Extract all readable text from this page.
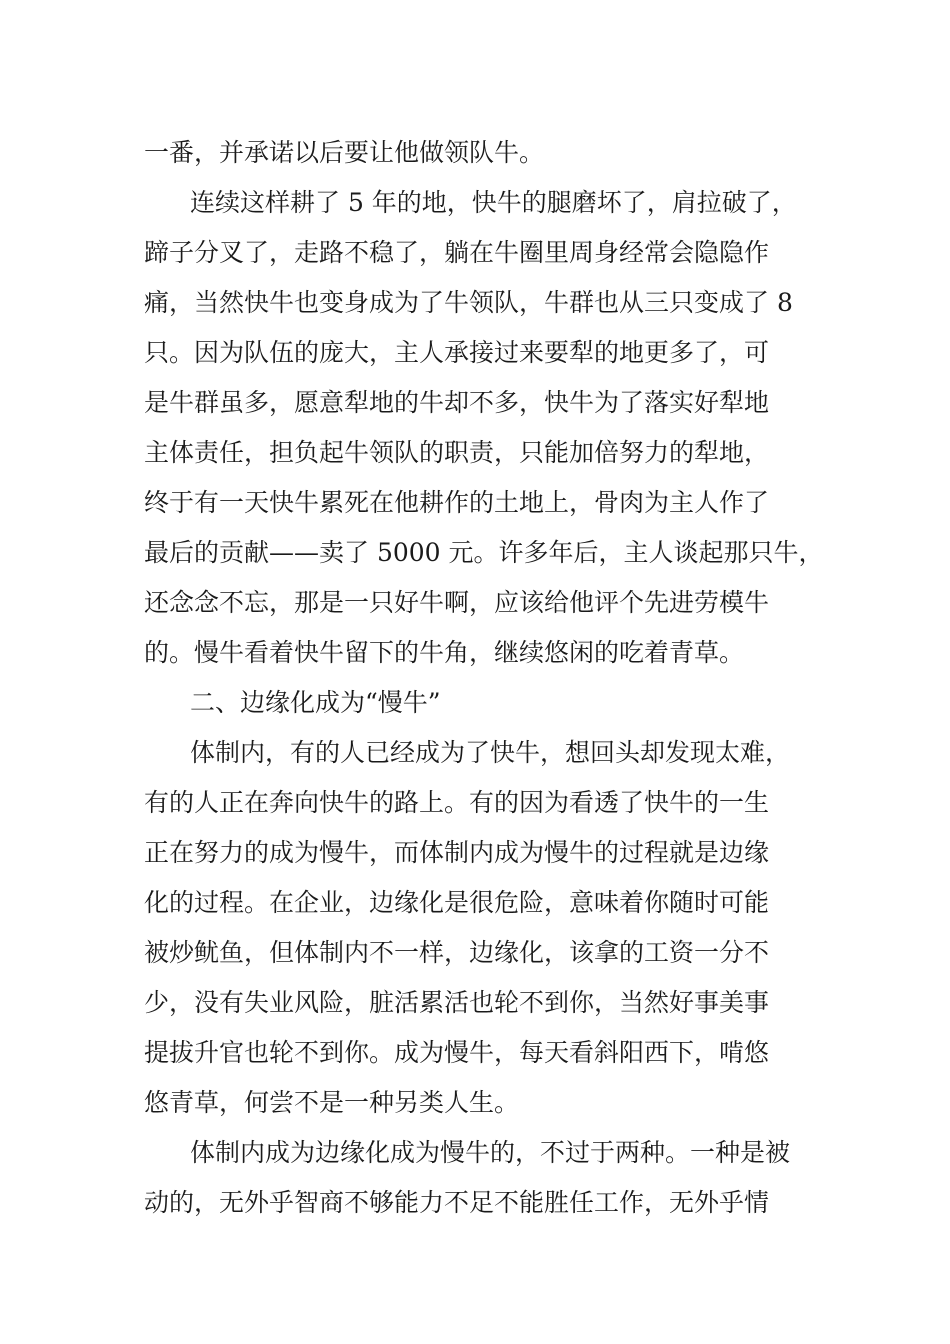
一番，并承诺以后要让他做领队牛。
连续这样耕了 5 年的地，快牛的腿磨坏了，肩拉破了，
蹄子分叉了，走路不稳了，躺在牛圈里周身经常会隐隐作
痛，当然快牛也变身成为了牛领队，牛群也从三只变成了 8
只。因为队伍的庞大，主人承接过来要犁的地更多了，可
是牛群虽多，愿意犁地的牛却不多，快牛为了落实好犁地
主体责任，担负起牛领队的职责，只能加倍努力的犁地，
终于有一天快牛累死在他耕作的土地上，骨肉为主人作了
最后的贡献——卖了 5000 元。许多年后，主人谈起那只牛，
还念念不忘，那是一只好牛啊，应该给他评个先进劳模牛
的。慢牛看着快牛留下的牛角，继续悠闲的吃着青草。
二、边缘化成为“慢牛”
体制内，有的人已经成为了快牛，想回头却发现太难，
有的人正在奔向快牛的路上。有的因为看透了快牛的一生
正在努力的成为慢牛，而体制内成为慢牛的过程就是边缘
化的过程。在企业，边缘化是很危险，意味着你随时可能
被炒鱿鱼，但体制内不一样，边缘化，该拿的工资一分不
少，没有失业风险，脏活累活也轮不到你，当然好事美事
提拔升官也轮不到你。成为慢牛，每天看斜阳西下，啃悠
悠青草，何尝不是一种另类人生。
体制内成为边缘化成为慢牛的，不过于两种。一种是被
动的，无外乎智商不够能力不足不能胜任工作，无外乎情
